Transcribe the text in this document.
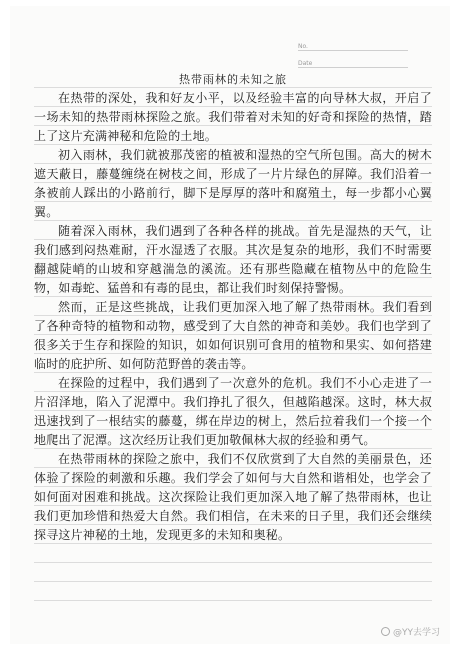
No.
Date
热带雨林的未知之旅

在热带的深处，我和好友小平，以及经验丰富的向导林大叔，开启了一场未知的热带雨林探险之旅。我们带着对未知的好奇和探险的热情，踏上了这片充满神秘和危险的土地。

初入雨林，我们就被那茂密的植被和湿热的空气所包围。高大的树木遮天蔽日，藤蔓缠绕在树枝之间，形成了一片片绿色的屏障。我们沿着一条被前人踩出的小路前行，脚下是厚厚的落叶和腐殖土，每一步都小心翼翼。

随着深入雨林，我们遇到了各种各样的挑战。首先是湿热的天气，让我们感到闷热难耐，汗水湿透了衣服。其次是复杂的地形，我们不时需要翻越陡峭的山坡和穿越湍急的溪流。还有那些隐藏在植物丛中的危险生物，如毒蛇、猛兽和有毒的昆虫，都让我们时刻保持警惕。

然而，正是这些挑战，让我们更加深入地了解了热带雨林。我们看到了各种奇特的植物和动物，感受到了大自然的神奇和美妙。我们也学到了很多关于生存和探险的知识，如如何识别可食用的植物和果实、如何搭建临时的庇护所、如何防范野兽的袭击等。

在探险的过程中，我们遇到了一次意外的危机。我们不小心走进了一片沼泽地，陷入了泥潭中。我们挣扎了很久，但越陷越深。这时，林大叔迅速找到了一根结实的藤蔓，绑在岸边的树上，然后拉着我们一个接一个地爬出了泥潭。这次经历让我们更加敬佩林大叔的经验和勇气。

在热带雨林的探险之旅中，我们不仅欣赏到了大自然的美丽景色，还体验了探险的刺激和乐趣。我们学会了如何与大自然和谐相处，也学会了如何面对困难和挑战。这次探险让我们更加深入地了解了热带雨林，也让我们更加珍惜和热爱大自然。我们相信，在未来的日子里，我们还会继续探寻这片神秘的土地，发现更多的未知和奥秘。

@YY去学习
